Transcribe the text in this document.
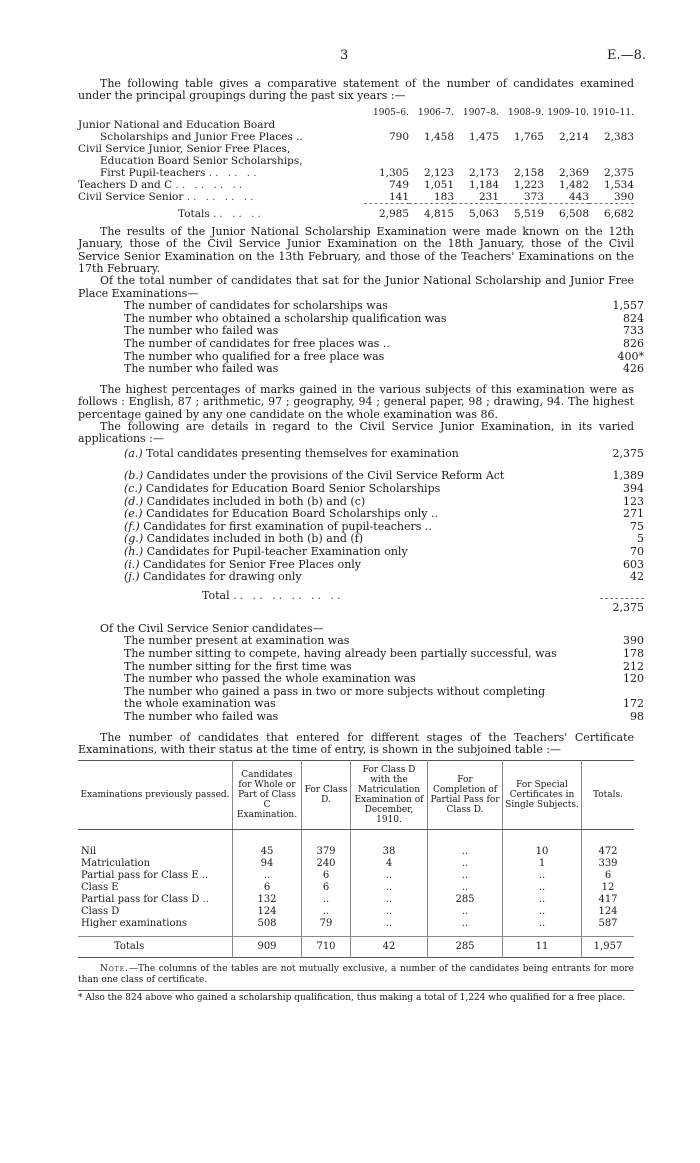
3	E.—8.

The following table gives a comparative statement of the number of candidates examined under the principal groupings during the past six years :—

	1905–6.	1906–7.	1907–8.	1908–9.	1909–10.	1910–11.
Junior National and Education Board
Scholarships and Junior Free Places ..	790	1,458	1,475	1,765	2,214	2,383
Civil Service Junior, Senior Free Places,
Education Board Senior Scholarships,
First Pupil-teachers .. .. ..	1,305	2,123	2,173	2,158	2,369	2,375
Teachers D and C .. .. .. ..	749	1,051	1,184	1,223	1,482	1,534
Civil Service Senior .. .. .. ..	141	183	231	373	443	390
Totals .. .. ..	2,985	4,815	5,063	5,519	6,508	6,682

The results of the Junior National Scholarship Examination were made known on the 12th January, those of the Civil Service Junior Examination on the 18th January, those of the Civil Service Senior Examination on the 13th February, and those of the Teachers' Examinations on the 17th February.

Of the total number of candidates that sat for the Junior National Scholarship and Junior Free Place Examinations—

The number of candidates for scholarships was	1,557
The number who obtained a scholarship qualification was	824
The number who failed was	733
The number of candidates for free places was ..	826
The number who qualified for a free place was	400*
The number who failed was	426

The highest percentages of marks gained in the various subjects of this examination were as follows : English, 87 ; arithmetic, 97 ; geography, 94 ; general paper, 98 ; drawing, 94. The highest percentage gained by any one candidate on the whole examination was 86.

The following are details in regard to the Civil Service Junior Examination, in its varied applications :—

(a.) Total candidates presenting themselves for examination	2,375
(b.) Candidates under the provisions of the Civil Service Reform Act	1,389
(c.) Candidates for Education Board Senior Scholarships	394
(d.) Candidates included in both (b) and (c)	123
(e.) Candidates for Education Board Scholarships only ..	271
(f.) Candidates for first examination of pupil-teachers ..	75
(g.) Candidates included in both (b) and (f)	5
(h.) Candidates for Pupil-teacher Examination only	70
(i.) Candidates for Senior Free Places only	603
(j.) Candidates for drawing only	42
Total .. .. .. .. .. ..

2,375

Of the Civil Service Senior candidates—

The number present at examination was	390
The number sitting to compete, having already been partially successful, was	178
The number sitting for the first time was	212
The number who passed the whole examination was	120
The number who gained a pass in two or more subjects without completing the whole examination was	172
The number who failed was	98

The number of candidates that entered for different stages of the Teachers' Certificate Examinations, with their status at the time of entry, is shown in the subjoined table :—

Examinations previously passed.	Candidates for Whole or Part of Class C Examination.	For Class D.	For Class D with the Matriculation Examination of December, 1910.	For Completion of Partial Pass for Class D.	For Special Certificates in Single Subjects.	Totals.
Nil	45	379	38	..	10	472
Matriculation	94	240	4	..	1	339
Partial pass for Class E ..	..	6	..	..	..	6
Class E	6	6	..	..	..	12
Partial pass for Class D ..	132	..	..	285	..	417
Class D	124	..	..	..	..	124
Higher examinations	508	79	..	..	..	587
Totals	909	710	42	285	11	1,957

Note.—The columns of the tables are not mutually exclusive, a number of the candidates being entrants for more than one class of certificate.

* Also the 824 above who gained a scholarship qualification, thus making a total of 1,224 who qualified for a free place.
